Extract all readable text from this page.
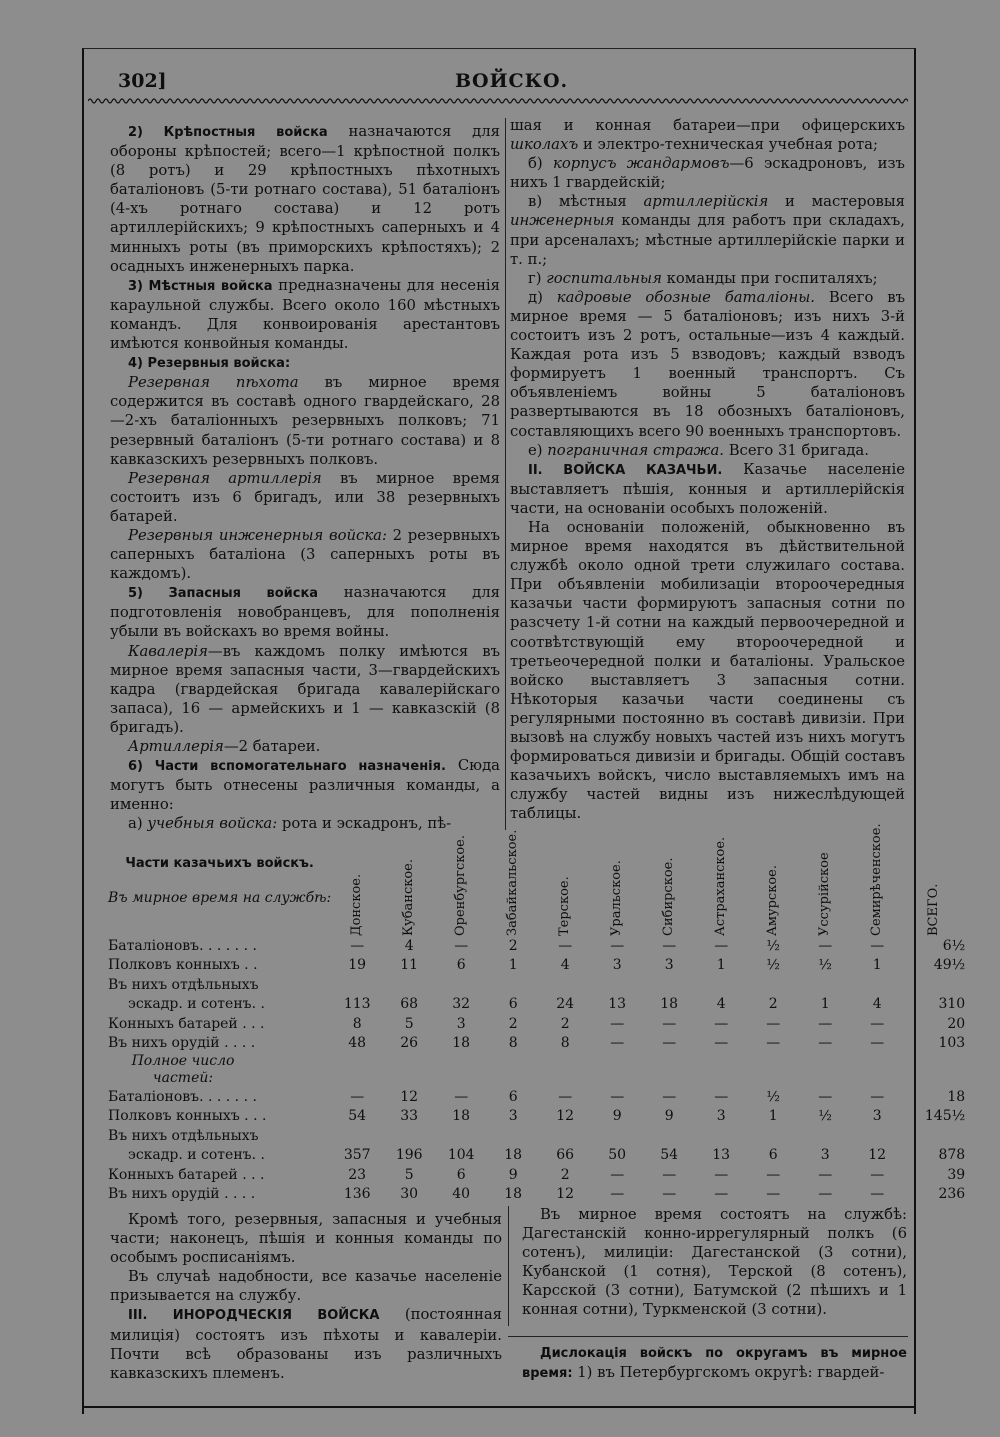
302]	ВОЙСКО.

2) Крѣпостныя войска назначаются для обороны крѣпостей; всего—1 крѣпостной полкъ (8 ротъ) и 29 крѣпостныхъ пѣхотныхъ баталіоновъ (5-ти ротнаго состава), 51 баталіонъ (4-хъ ротнаго состава) и 12 ротъ артиллерійскихъ; 9 крѣпостныхъ саперныхъ и 4 минныхъ роты (въ приморскихъ крѣпостяхъ); 2 осадныхъ инженерныхъ парка.

3) Мѣстныя войска предназначены для несенія караульной службы. Всего около 160 мѣстныхъ командъ. Для конвоированія арестантовъ имѣются конвойныя команды.

4) Резервныя войска:

Резервная пѣхота въ мирное время содержится въ составѣ одного гвардейскаго, 28—2-хъ баталіонныхъ резервныхъ полковъ; 71 резервный баталіонъ (5-ти ротнаго состава) и 8 кавказскихъ резервныхъ полковъ.

Резервная артиллерія въ мирное время состоитъ изъ 6 бригадъ, или 38 резервныхъ батарей.

Резервныя инженерныя войска: 2 резервныхъ саперныхъ баталіона (3 саперныхъ роты въ каждомъ).

5) Запасныя войска назначаются для подготовленія новобранцевъ, для пополненія убыли въ войскахъ во время войны.

Кавалерія—въ каждомъ полку имѣются въ мирное время запасныя части, 3—гвардейскихъ кадра (гвардейская бригада кавалерійскаго запаса), 16 — армейскихъ и 1 — кавказскій (8 бригадъ).

Артиллерія—2 батареи.

6) Части вспомогательнаго назначенія. Сюда могутъ быть отнесены различныя команды, а именно:

а) учебныя войска: рота и эскадронъ, пѣ-

шая и конная батареи—при офицерскихъ школахъ и электро-техническая учебная рота;

б) корпусъ жандармовъ—6 эскадроновъ, изъ нихъ 1 гвардейскій;

в) мѣстныя артиллерійскія и мастеровыя инженерныя команды для работъ при складахъ, при арсеналахъ; мѣстные артиллерійскіе парки и т. п.;

г) госпитальныя команды при госпиталяхъ;

д) кадровые обозные баталіоны. Всего въ мирное время — 5 баталіоновъ; изъ нихъ 3-й состоитъ изъ 2 ротъ, остальные—изъ 4 каждый. Каждая рота изъ 5 взводовъ; каждый взводъ формируетъ 1 военный транспортъ. Съ объявленіемъ войны 5 баталіоновъ развертываются въ 18 обозныхъ баталіоновъ, составляющихъ всего 90 военныхъ транспортовъ.

е) пограничная стража. Всего 31 бригада.

II. ВОЙСКА КАЗАЧЬИ. Казачье населеніе выставляетъ пѣшія, конныя и артиллерійскія части, на основаніи особыхъ положеній.

На основаніи положеній, обыкновенно въ мирное время находятся въ дѣйствительной службѣ около одной трети служилаго состава. При объявленіи мобилизаціи второочередныя казачьи части формируютъ запасныя сотни по разсчету 1-й сотни на каждый первоочередной и соотвѣтствующій ему второочередной и третьеочередной полки и баталіоны. Уральское войско выставляетъ 3 запасныя сотни. Нѣкоторыя казачьи части соединены съ регулярными постоянно въ составѣ дивизіи. При вызовѣ на службу новыхъ частей изъ нихъ могутъ формироваться дивизіи и бригады. Общій составъ казачьихъ войскъ, число выставляемыхъ имъ на службу частей видны изъ нижеслѣдующей таблицы.

Части казачьихъ войскъ.
Въ мирное время на службѣ:	Донское.	Кубанское.	Оренбургское.	Забайкальское.	Терское.	Уральское.	Сибирское.	Астраханское.	Амурское.	Уссурійское	Семирѣченское.	ВСЕГО.

Баталіоновъ. . . . . . .	—	4	—	2	—	—	—	—	½	—	—	6½
Полковъ конныхъ . .	19	11	6	1	4	3	3	1	½	½	1	49½
Въ нихъ отдѣльныхъ												
эскадр. и сотенъ. .	113	68	32	6	24	13	18	4	2	1	4	310
Конныхъ батарей . . .	8	5	3	2	2	—	—	—	—	—	—	20
Въ нихъ орудій . . . .	48	26	18	8	8	—	—	—	—	—	—	103

Полное число частей:												

Баталіоновъ. . . . . . .	—	12	—	6	—	—	—	—	½	—	—	18
Полковъ конныхъ . . .	54	33	18	3	12	9	9	3	1	½	3	145½
Въ нихъ отдѣльныхъ												
эскадр. и сотенъ. .	357	196	104	18	66	50	54	13	6	3	12	878
Конныхъ батарей . . .	23	5	6	9	2	—	—	—	—	—	—	39
Въ нихъ орудій . . . .	136	30	40	18	12	—	—	—	—	—	—	236

Кромѣ того, резервныя, запасныя и учебныя части; наконецъ, пѣшія и конныя команды по особымъ росписаніямъ.

Въ случаѣ надобности, все казачье населеніе призывается на службу.

III. ИНОРОДЧЕСКІЯ ВОЙСКА (постоянная милиція) состоятъ изъ пѣхоты и кавалеріи. Почти всѣ образованы изъ различныхъ кавказскихъ племенъ.

Въ мирное время состоятъ на службѣ: Дагестанскій конно-иррегулярный полкъ (6 сотенъ), милиціи: Дагестанской (3 сотни), Кубанской (1 сотня), Терской (8 сотенъ), Карсской (3 сотни), Батумской (2 пѣшихъ и 1 конная сотни), Туркменской (3 сотни).

Дислокація войскъ по округамъ въ мирное время: 1) въ Петербургскомъ округѣ: гвардей-
